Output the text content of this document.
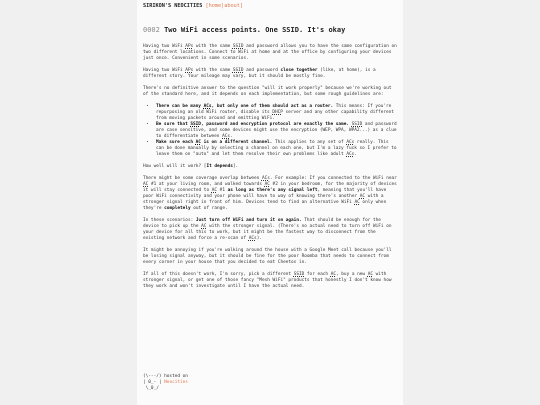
SIRIKON'S NEOCITIES [home|about]
0002 Two WiFi access points. One SSID. It's okay

Having two WiFi APs with the same SSID and password allows you to have the same configuration on two different locations. Connect to WiFi at home and at the office by configuring your devices just once. Convenient in some scenarios.

Having two WiFi APs with the same SSID and password close together (like, at home), is a different story. Your mileage may vary, but it should be mostly fine.

There's no definitive answer to the question "will it work properly" because we're working out of the standard here, and it depends on each implementation, but some rough guidelines are:

• There can be many ACs, but only one of them should act as a router. This means: If you're repurposing an old WiFi router, disable its DHCP server and any other capability different from moving packets around and emitting WiFi.
• Be sure that SSID, password and encryption protocol are exactly the same. SSID and password are case sensitive, and some devices might use the encryption (WEP, WPA, WPA2...) as a clue to differentiate between ACs.
• Make sure each AC is on a different channel. This applies to any set of ACs really. This can be done manually by selecting a channel on each one, but I'm a lazy fuck so I prefer to leave them on "auto" and let them resolve their own problems like adult ACs.

How well will it work? [It depends].

There might be some coverage overlap between ACs. For example: If you connected to the WiFi near AC #1 at your living room, and walked towards AC #2 in your bedroom, for the majority of devices it will stay connected to AC #1 as long as there's any signal left, meaning that you'll have poor WiFi connectivity and your phone will have to way of knowing there's another AC with a stronger signal right in front of him. Devices tend to find an alternative WiFi AC only when they're completely out of range.

In these scenarios: Just turn off WiFi and turn it on again. That should be enough for the device to pick up the AC with the stronger signal. (There's no actual need to turn off WiFi on your device for all this to work, but it might be the fastest way to disconnect from the existing network and force a re-scan of ACs).

It might be annoying if you're walking around the house with a Google Meet call because you'll be losing signal anyway, but it should be fine for the poor Roomba that needs to connect from every corner in your house that you decided to eat Cheetos in.

If all of this doesn't work, I'm sorry, pick a different SSID for each AC, buy a new AC with stronger signal, or get one of those fancy "Mesh WiFi" products that honestly I don't know how they work and won't investigate until I have the actual need.

(\---/) hosted on
| 0_- | Neocities
\_0_/
